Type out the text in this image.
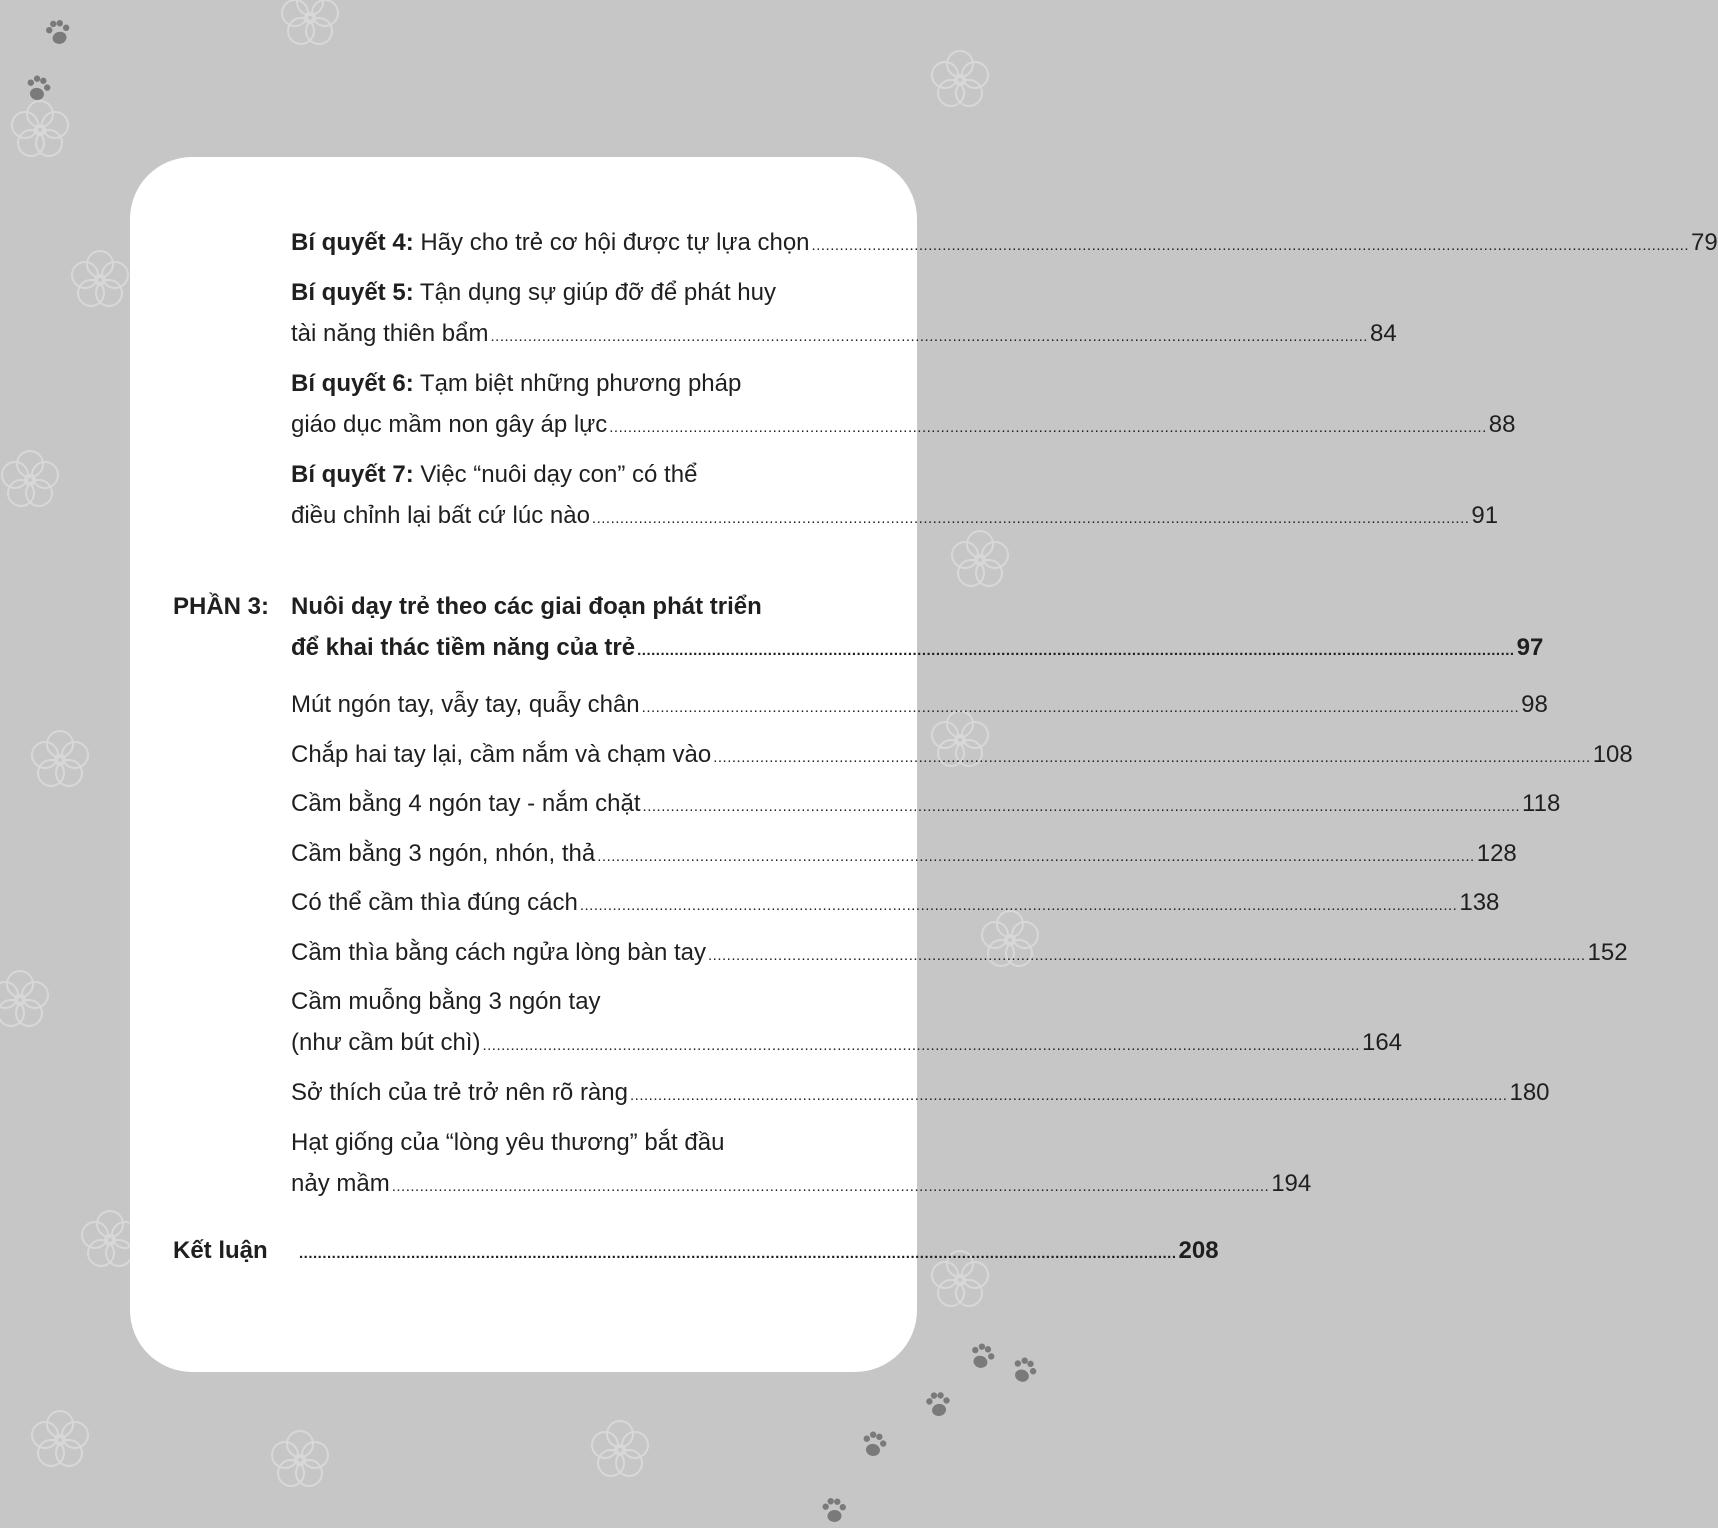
Bí quyết 4: Hãy cho trẻ cơ hội được tự lựa chọn .....	79
Bí quyết 5: Tận dụng sự giúp đỡ để phát huy
tài năng thiên bẩm .....	84
Bí quyết 6: Tạm biệt những phương pháp
giáo dục mầm non gây áp lực .....	88
Bí quyết 7: Việc “nuôi dạy con” có thể
điều chỉnh lại bất cứ lúc nào .....	91
PHẦN 3: Nuôi dạy trẻ theo các giai đoạn phát triển
để khai thác tiềm năng của trẻ .....	97
Mút ngón tay, vẫy tay, quẫy chân .....	98
Chắp hai tay lại, cầm nắm và chạm vào .....	108
Cầm bằng 4 ngón tay - nắm chặt .....	118
Cầm bằng 3 ngón, nhón, thả .....	128
Có thể cầm thìa đúng cách .....	138
Cầm thìa bằng cách ngửa lòng bàn tay .....	152
Cầm muỗng bằng 3 ngón tay
(như cầm bút chì) .....	164
Sở thích của trẻ trở nên rõ ràng .....	180
Hạt giống của “lòng yêu thương” bắt đầu
nảy mầm .....	194
Kết luận .....	208
